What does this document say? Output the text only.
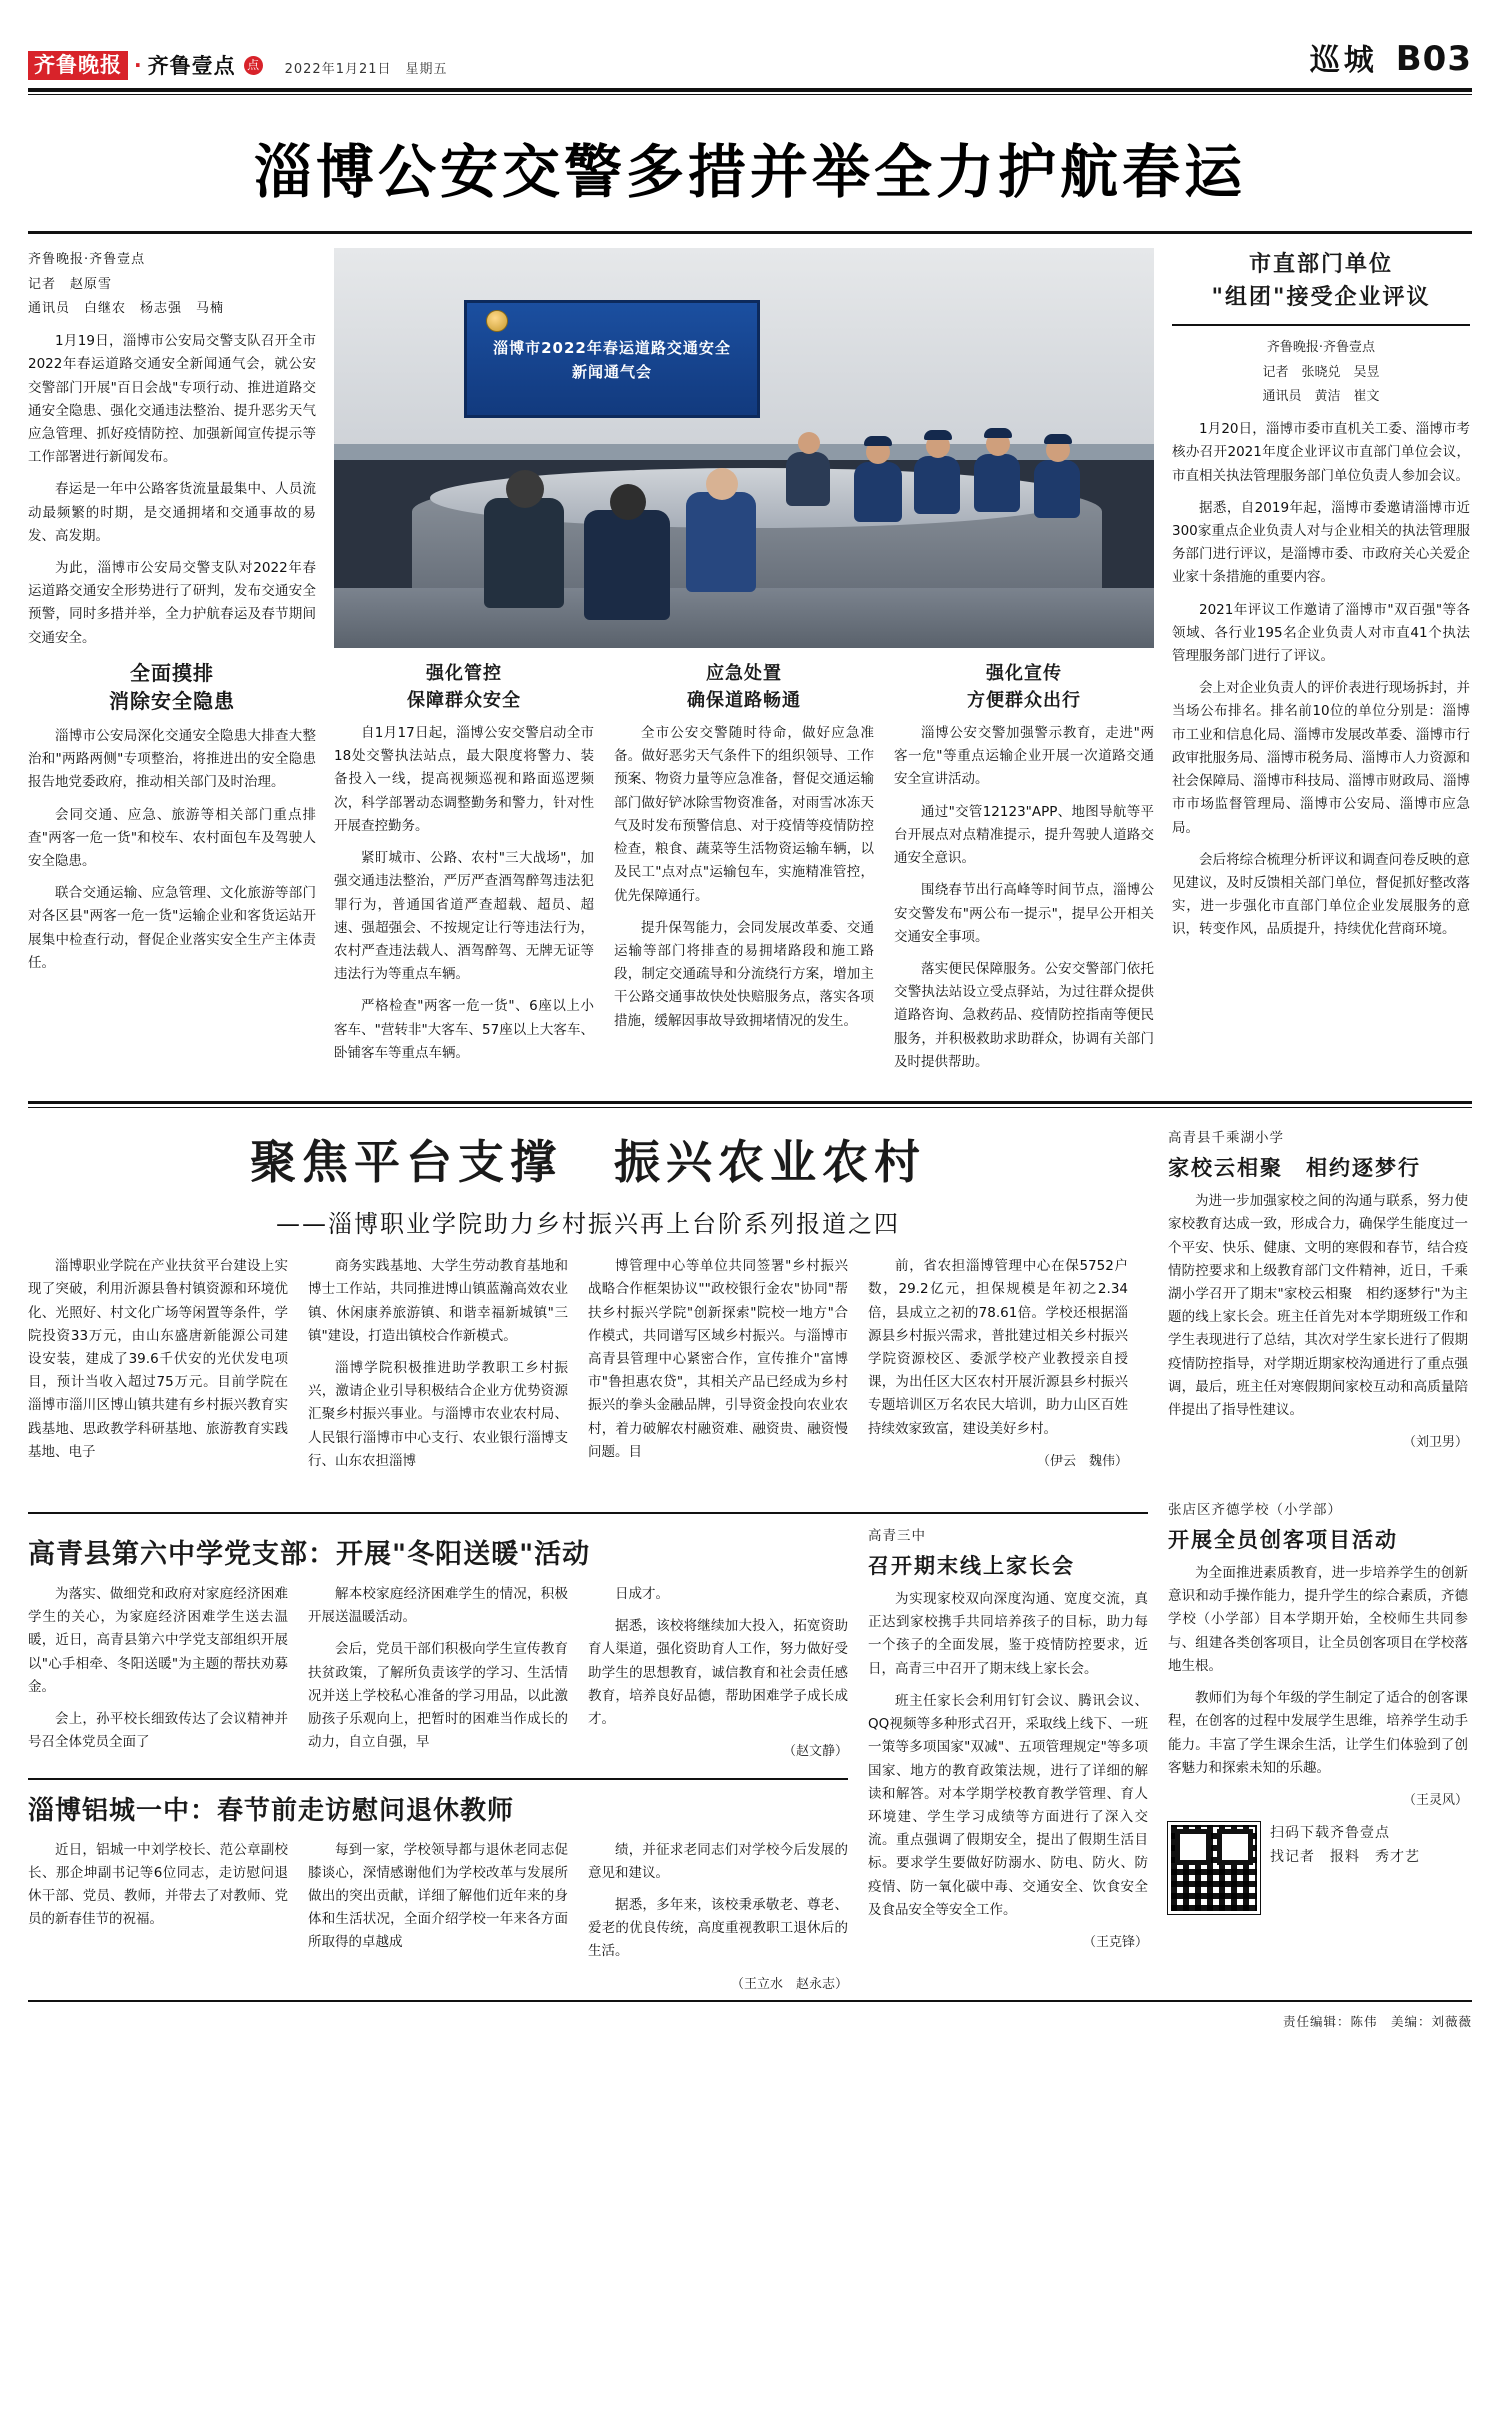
齐鲁晚报 · 齐鲁壹点 点 2022年1月21日　星期五	巡城 B03
淄博公安交警多措并举全力护航春运
齐鲁晚报·齐鲁壹点
记者　赵原雪
通讯员　白继农　杨志强　马楠

1月19日，淄博市公安局交警支队召开全市2022年春运道路交通安全新闻通气会，就公安交警部门开展"百日会战"专项行动、推进道路交通安全隐患、强化交通违法整治、提升恶劣天气应急管理、抓好疫情防控、加强新闻宣传提示等工作部署进行新闻发布。

春运是一年中公路客货流量最集中、人员流动最频繁的时期，是交通拥堵和交通事故的易发、高发期。

为此，淄博市公安局交警支队对2022年春运道路交通安全形势进行了研判，发布交通安全预警，同时多措并举，全力护航春运及春节期间交通安全。

全面摸排
消除安全隐患

淄博市公安局深化交通安全隐患大排查大整治和"两路两侧"专项整治，将推进出的安全隐患报告地党委政府，推动相关部门及时治理。

会同交通、应急、旅游等相关部门重点排查"两客一危一货"和校车、农村面包车及驾驶人安全隐患。

联合交通运输、应急管理、文化旅游等部门对各区县"两客一危一货"运输企业和客货运站开展集中检查行动，督促企业落实安全生产主体责任。

淄博市2022年春运道路交通安全
新闻通气会
强化管控
保障群众安全

自1月17日起，淄博公安交警启动全市18处交警执法站点，最大限度将警力、装备投入一线，提高视频巡视和路面巡逻频次，科学部署动态调整勤务和警力，针对性开展查控勤务。

紧盯城市、公路、农村"三大战场"，加强交通违法整治，严厉严查酒驾醉驾违法犯罪行为，普通国省道严查超载、超员、超速、强超强会、不按规定让行等违法行为，农村严查违法载人、酒驾醉驾、无牌无证等违法行为等重点车辆。

严格检查"两客一危一货"、6座以上小客车、"营转非"大客车、57座以上大客车、卧铺客车等重点车辆。

应急处置
确保道路畅通

全市公安交警随时待命，做好应急准备。做好恶劣天气条件下的组织领导、工作预案、物资力量等应急准备，督促交通运输部门做好铲冰除雪物资准备，对雨雪冰冻天气及时发布预警信息、对于疫情等疫情防控检查，粮食、蔬菜等生活物资运输车辆，以及民工"点对点"运输包车，实施精准管控，优先保障通行。

提升保驾能力，会同发展改革委、交通运输等部门将排查的易拥堵路段和施工路段，制定交通疏导和分流绕行方案，增加主干公路交通事故快处快赔服务点，落实各项措施，缓解因事故导致拥堵情况的发生。

强化宣传
方便群众出行

淄博公安交警加强警示教育，走进"两客一危"等重点运输企业开展一次道路交通安全宣讲活动。

通过"交管12123"APP、地图导航等平台开展点对点精准提示，提升驾驶人道路交通安全意识。

围绕春节出行高峰等时间节点，淄博公安交警发布"两公布一提示"，提早公开相关交通安全事项。

落实便民保障服务。公安交警部门依托交警执法站设立受点驿站，为过往群众提供道路咨询、急救药品、疫情防控指南等便民服务，并积极救助求助群众，协调有关部门及时提供帮助。

市直部门单位
"组团"接受企业评议
齐鲁晚报·齐鲁壹点
记者　张晓兑　吴昱
通讯员　黄洁　崔文

1月20日，淄博市委市直机关工委、淄博市考核办召开2021年度企业评议市直部门单位会议，市直相关执法管理服务部门单位负责人参加会议。

据悉，自2019年起，淄博市委邀请淄博市近300家重点企业负责人对与企业相关的执法管理服务部门进行评议，是淄博市委、市政府关心关爱企业家十条措施的重要内容。

2021年评议工作邀请了淄博市"双百强"等各领域、各行业195名企业负责人对市直41个执法管理服务部门进行了评议。

会上对企业负责人的评价表进行现场拆封，并当场公布排名。排名前10位的单位分别是：淄博市工业和信息化局、淄博市发展改革委、淄博市行政审批服务局、淄博市税务局、淄博市人力资源和社会保障局、淄博市科技局、淄博市财政局、淄博市市场监督管理局、淄博市公安局、淄博市应急局。

会后将综合梳理分析评议和调查问卷反映的意见建议，及时反馈相关部门单位，督促抓好整改落实，进一步强化市直部门单位企业发展服务的意识，转变作风，品质提升，持续优化营商环境。

聚焦平台支撑　振兴农业农村
——淄博职业学院助力乡村振兴再上台阶系列报道之四

淄博职业学院在产业扶贫平台建设上实现了突破，利用沂源县鲁村镇资源和环境优化、光照好、村文化广场等闲置等条件，学院投资33万元，由山东盛唐新能源公司建设安装，建成了39.6千伏安的光伏发电项目，预计当收入超过75万元。目前学院在淄博市淄川区博山镇共建有乡村振兴教育实践基地、思政教学科研基地、旅游教育实践基地、电子

商务实践基地、大学生劳动教育基地和博士工作站，共同推进博山镇蓝瀚高效农业镇、休闲康养旅游镇、和谐幸福新城镇"三镇"建设，打造出镇校合作新模式。

淄博学院积极推进助学教职工乡村振兴，激请企业引导积极结合企业方优势资源汇聚乡村振兴事业。与淄博市农业农村局、人民银行淄博市中心支行、农业银行淄博支行、山东农担淄博

博管理中心等单位共同签署"乡村振兴战略合作框架协议""政校银行金农"协同"帮扶乡村振兴学院"创新探索"院校一地方"合作模式，共同谱写区域乡村振兴。与淄博市高青县管理中心紧密合作，宣传推介"富博市"鲁担惠农贷"，其相关产品已经成为乡村振兴的拳头金融品牌，引导资金投向农业农村，着力破解农村融资难、融资贵、融资慢问题。目

前，省农担淄博管理中心在保5752户数，29.2亿元，担保规模是年初之2.34倍，县成立之初的78.61倍。学校还根据淄源县乡村振兴需求，普批建过相关乡村振兴学院资源校区、委派学校产业教授亲自授课，为出任区大区农村开展沂源县乡村振兴专题培训区万名农民大培训，助力山区百姓持续效家致富，建设美好乡村。

（伊云　魏伟）
高青县千乘湖小学
家校云相聚　相约逐梦行

为进一步加强家校之间的沟通与联系，努力使家校教育达成一致，形成合力，确保学生能度过一个平安、快乐、健康、文明的寒假和春节，结合疫情防控要求和上级教育部门文件精神，近日，千乘湖小学召开了期末"家校云相聚　相约逐梦行"为主题的线上家长会。班主任首先对本学期班级工作和学生表现进行了总结，其次对学生家长进行了假期疫情防控指导，对学期近期家校沟通进行了重点强调，最后，班主任对寒假期间家校互动和高质量陪伴提出了指导性建议。

（刘卫男）
高青县第六中学党支部：开展"冬阳送暖"活动

为落实、做细党和政府对家庭经济困难学生的关心，为家庭经济困难学生送去温暖，近日，高青县第六中学党支部组织开展以"心手相牵、冬阳送暖"为主题的帮扶劝募金。

会上，孙平校长细致传达了会议精神并号召全体党员全面了

解本校家庭经济困难学生的情况，积极开展送温暖活动。

会后，党员干部们积极向学生宣传教育扶贫政策，了解所负责该学的学习、生活情况并送上学校私心准备的学习用品，以此激励孩子乐观向上，把暂时的困难当作成长的动力，自立自强，早

日成才。

据悉，该校将继续加大投入，拓宽资助育人渠道，强化资助育人工作，努力做好受助学生的思想教育，诚信教育和社会责任感教育，培养良好品德，帮助困难学子成长成才。

（赵文静）
淄博铝城一中：春节前走访慰问退休教师

近日，铝城一中刘学校长、范公章副校长、那企坤副书记等6位同志，走访慰问退休干部、党员、教师，并带去了对教师、党员的新春佳节的祝福。

每到一家，学校领导都与退休老同志促膝谈心，深情感谢他们为学校改革与发展所做出的突出贡献，详细了解他们近年来的身体和生活状况，全面介绍学校一年来各方面所取得的卓越成

绩，并征求老同志们对学校今后发展的意见和建议。

据悉，多年来，该校秉承敬老、尊老、爱老的优良传统，高度重视教职工退休后的生活。

（王立水　赵永志）
高青三中
召开期末线上家长会

为实现家校双向深度沟通、宽度交流，真正达到家校携手共同培养孩子的目标，助力每一个孩子的全面发展，鉴于疫情防控要求，近日，高青三中召开了期末线上家长会。

班主任家长会利用钉钉会议、腾讯会议、QQ视频等多种形式召开，采取线上线下、一班一策等多项国家"双减"、五项管理规定"等多项国家、地方的教育政策法规，进行了详细的解读和解答。对本学期学校教育教学管理、育人环境建、学生学习成绩等方面进行了深入交流。重点强调了假期安全，提出了假期生活目标。要求学生要做好防溺水、防电、防火、防疫情、防一氧化碳中毒、交通安全、饮食安全及食品安全等安全工作。

（王克锋）
张店区齐德学校（小学部）
开展全员创客项目活动

为全面推进素质教育，进一步培养学生的创新意识和动手操作能力，提升学生的综合素质，齐德学校（小学部）目本学期开始，全校师生共同参与、组建各类创客项目，让全员创客项目在学校落地生根。

教师们为每个年级的学生制定了适合的创客课程，在创客的过程中发展学生思维，培养学生动手能力。丰富了学生课余生活，让学生们体验到了创客魅力和探索未知的乐趣。

（王灵风）
扫码下载齐鲁壹点
找记者　报料　秀才艺
责任编辑：陈伟　美编：刘薇薇
